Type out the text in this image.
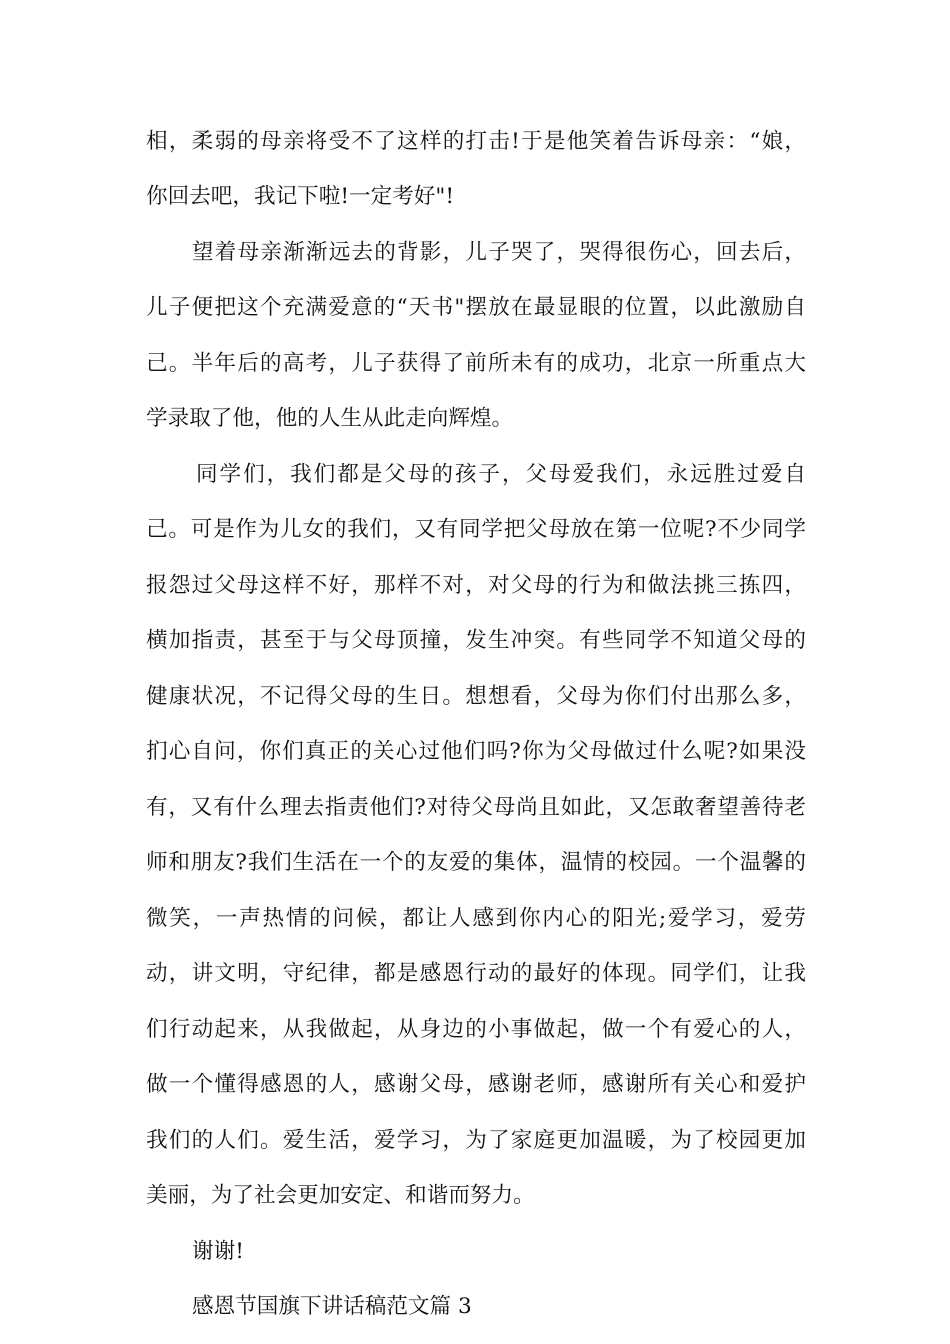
相，柔弱的母亲将受不了这样的打击!于是他笑着告诉母亲：“娘，
你回去吧，我记下啦!一定考好"!
望着母亲渐渐远去的背影，儿子哭了，哭得很伤心，回去后，
儿子便把这个充满爱意的“天书"摆放在最显眼的位置，以此激励自
己。半年后的高考，儿子获得了前所未有的成功，北京一所重点大
学录取了他，他的人生从此走向辉煌。
同学们，我们都是父母的孩子，父母爱我们，永远胜过爱自
己。可是作为儿女的我们，又有同学把父母放在第一位呢?不少同学
报怨过父母这样不好，那样不对，对父母的行为和做法挑三拣四，
横加指责，甚至于与父母顶撞，发生冲突。有些同学不知道父母的
健康状况，不记得父母的生日。想想看，父母为你们付出那么多，
扪心自问，你们真正的关心过他们吗?你为父母做过什么呢?如果没
有，又有什么理去指责他们?对待父母尚且如此，又怎敢奢望善待老
师和朋友?我们生活在一个的友爱的集体，温情的校园。一个温馨的
微笑，一声热情的问候，都让人感到你内心的阳光;爱学习，爱劳
动，讲文明，守纪律，都是感恩行动的最好的体现。同学们，让我
们行动起来，从我做起，从身边的小事做起，做一个有爱心的人，
做一个懂得感恩的人，感谢父母，感谢老师，感谢所有关心和爱护
我们的人们。爱生活，爱学习，为了家庭更加温暖，为了校园更加
美丽，为了社会更加安定、和谐而努力。
谢谢!
感恩节国旗下讲话稿范文篇 3
